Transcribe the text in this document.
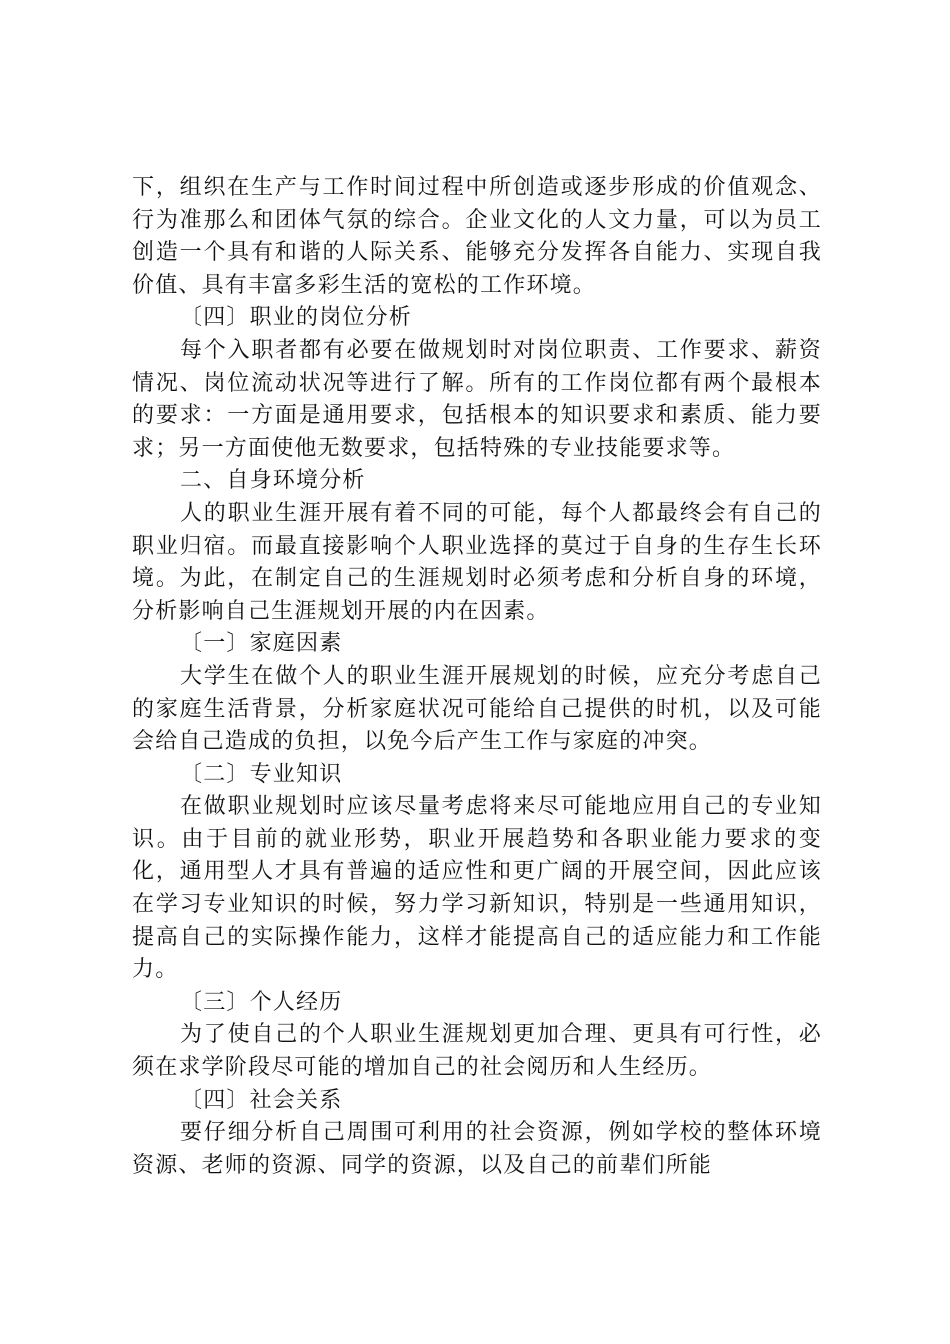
下，组织在生产与工作时间过程中所创造或逐步形成的价值观念、行为准那么和团体气氛的综合。企业文化的人文力量，可以为员工创造一个具有和谐的人际关系、能够充分发挥各自能力、实现自我价值、具有丰富多彩生活的宽松的工作环境。

〔四〕职业的岗位分析

每个入职者都有必要在做规划时对岗位职责、工作要求、薪资情况、岗位流动状况等进行了解。所有的工作岗位都有两个最根本的要求：一方面是通用要求，包括根本的知识要求和素质、能力要求；另一方面使他无数要求，包括特殊的专业技能要求等。

二、自身环境分析

人的职业生涯开展有着不同的可能，每个人都最终会有自己的职业归宿。而最直接影响个人职业选择的莫过于自身的生存生长环境。为此，在制定自己的生涯规划时必须考虑和分析自身的环境，分析影响自己生涯规划开展的内在因素。

〔一〕家庭因素

大学生在做个人的职业生涯开展规划的时候，应充分考虑自己的家庭生活背景，分析家庭状况可能给自己提供的时机，以及可能会给自己造成的负担，以免今后产生工作与家庭的冲突。

〔二〕专业知识

在做职业规划时应该尽量考虑将来尽可能地应用自己的专业知识。由于目前的就业形势，职业开展趋势和各职业能力要求的变化，通用型人才具有普遍的适应性和更广阔的开展空间，因此应该在学习专业知识的时候，努力学习新知识，特别是一些通用知识，提高自己的实际操作能力，这样才能提高自己的适应能力和工作能力。

〔三〕个人经历

为了使自己的个人职业生涯规划更加合理、更具有可行性，必须在求学阶段尽可能的增加自己的社会阅历和人生经历。

〔四〕社会关系

要仔细分析自己周围可利用的社会资源，例如学校的整体环境资源、老师的资源、同学的资源，以及自己的前辈们所能
